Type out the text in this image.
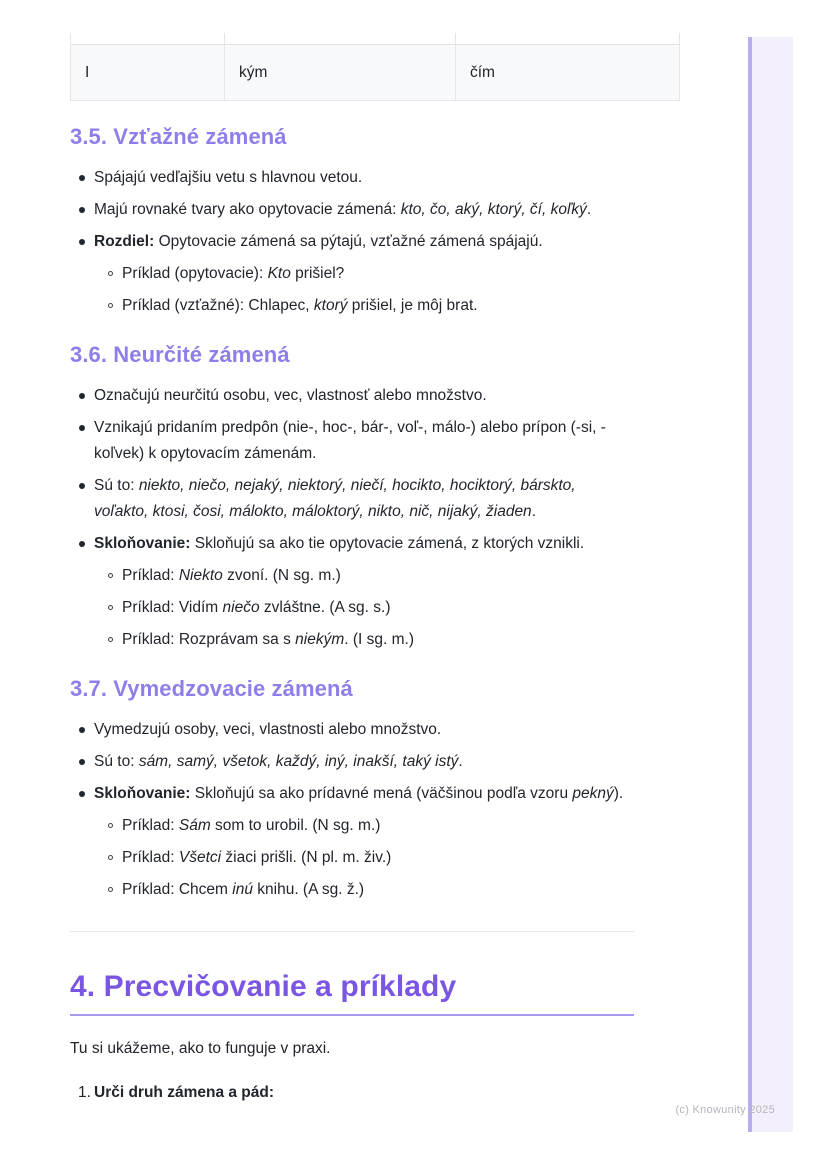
I	kým	čím
3.5. Vzťažné zámená
Spájajú vedľajšiu vetu s hlavnou vetou.
Majú rovnaké tvary ako opytovacie zámená: kto, čo, aký, ktorý, čí, koľký.
Rozdiel: Opytovacie zámená sa pýtajú, vzťažné zámená spájajú.
Príklad (opytovacie): Kto prišiel?
Príklad (vzťažné): Chlapec, ktorý prišiel, je môj brat.
3.6. Neurčité zámená
Označujú neurčitú osobu, vec, vlastnosť alebo množstvo.
Vznikajú pridaním predpôn (nie-, hoc-, bár-, voľ-, málo-) alebo prípon (-si, -koľvek) k opytovacím zámenám.
Sú to: niekto, niečo, nejaký, niektorý, niečí, hocikto, hociktorý, bárskto, voľakto, ktosi, čosi, málokto, máloktorý, nikto, nič, nijaký, žiaden.
Skloňovanie: Skloňujú sa ako tie opytovacie zámená, z ktorých vznikli.
Príklad: Niekto zvoní. (N sg. m.)
Príklad: Vidím niečo zvláštne. (A sg. s.)
Príklad: Rozprávam sa s niekým. (I sg. m.)
3.7. Vymedzovacie zámená
Vymedzujú osoby, veci, vlastnosti alebo množstvo.
Sú to: sám, samý, všetok, každý, iný, inakší, taký istý.
Skloňovanie: Skloňujú sa ako prídavné mená (väčšinou podľa vzoru pekný).
Príklad: Sám som to urobil. (N sg. m.)
Príklad: Všetci žiaci prišli. (N pl. m. živ.)
Príklad: Chcem inú knihu. (A sg. ž.)
4. Precvičovanie a príklady

Tu si ukážeme, ako to funguje v praxi.

1. Urči druh zámena a pád:
(c) Knowunity 2025
